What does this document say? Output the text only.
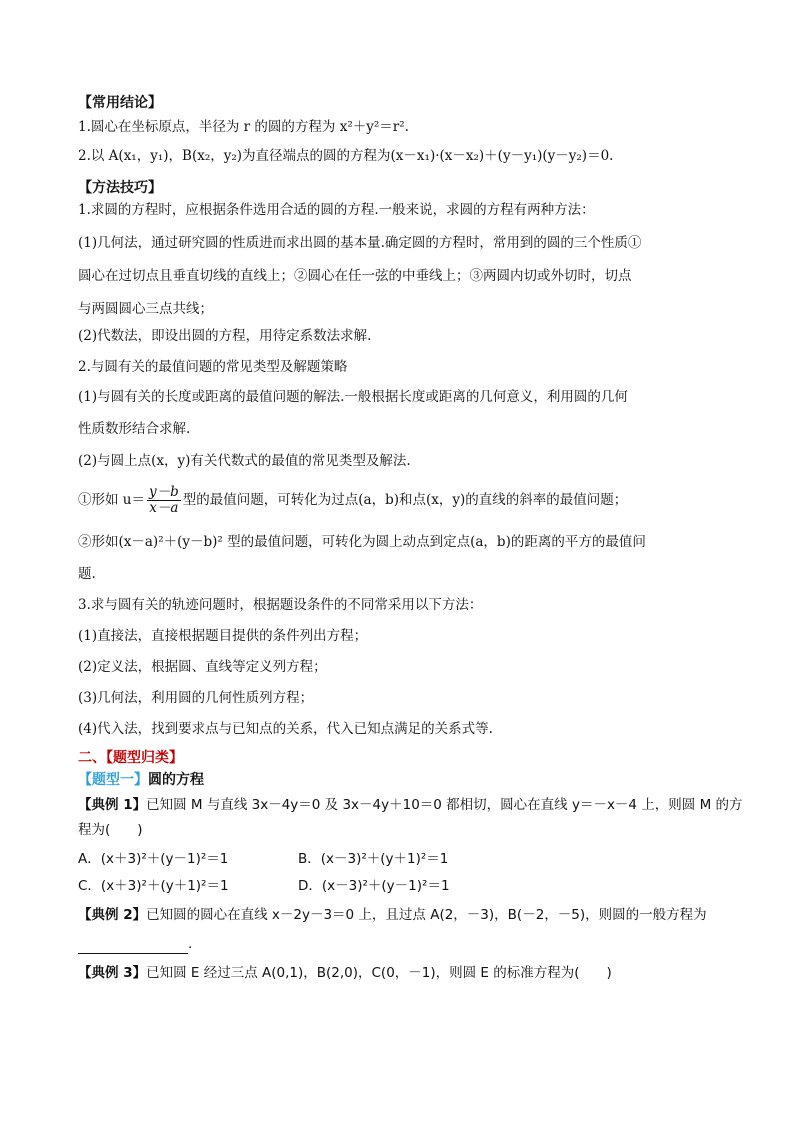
【常用结论】
1.圆心在坐标原点，半径为 r 的圆的方程为 x²＋y²＝r².
2.以 A(x₁，y₁)，B(x₂，y₂)为直径端点的圆的方程为(x－x₁)·(x－x₂)＋(y－y₁)(y－y₂)＝0.
【方法技巧】
1.求圆的方程时，应根据条件选用合适的圆的方程.一般来说，求圆的方程有两种方法：
(1)几何法，通过研究圆的性质进而求出圆的基本量.确定圆的方程时，常用到的圆的三个性质①
圆心在过切点且垂直切线的直线上；②圆心在任一弦的中垂线上；③两圆内切或外切时，切点
与两圆圆心三点共线；
(2)代数法，即设出圆的方程，用待定系数法求解.
2.与圆有关的最值问题的常见类型及解题策略
(1)与圆有关的长度或距离的最值问题的解法.一般根据长度或距离的几何意义，利用圆的几何
性质数形结合求解.
(2)与圆上点(x，y)有关代数式的最值的常见类型及解法.
①形如 $u= \frac{y-b}{x-a}$ 型的最值问题，可转化为过点(a，b)和点(x，y)的直线的斜率的最值问题；
②形如(x－a)²＋(y－b)² 型的最值问题，可转化为圆上动点到定点(a，b)的距离的平方的最值问
题.
3.求与圆有关的轨迹问题时，根据题设条件的不同常采用以下方法：
(1)直接法，直接根据题目提供的条件列出方程；
(2)定义法，根据圆、直线等定义列方程；
(3)几何法，利用圆的几何性质列方程；
(4)代入法，找到要求点与已知点的关系，代入已知点满足的关系式等.
二、【题型归类】
【题型一】圆的方程
【典例 1】已知圆 M 与直线 3x－4y＝0 及 3x－4y＋10＝0 都相切，圆心在直线 y＝－x－4 上，则圆 M 的方
程为(　　)
A．(x＋3)²＋(y－1)²＝1	B．(x－3)²＋(y＋1)²＝1
C．(x＋3)²＋(y＋1)²＝1	D．(x－3)²＋(y－1)²＝1
【典例 2】已知圆的圆心在直线 x－2y－3＝0 上，且过点 A(2，－3)，B(－2，－5)，则圆的一般方程为
.
【典例 3】已知圆 E 经过三点 A(0,1)，B(2,0)，C(0，－1)，则圆 E 的标准方程为(　　)
